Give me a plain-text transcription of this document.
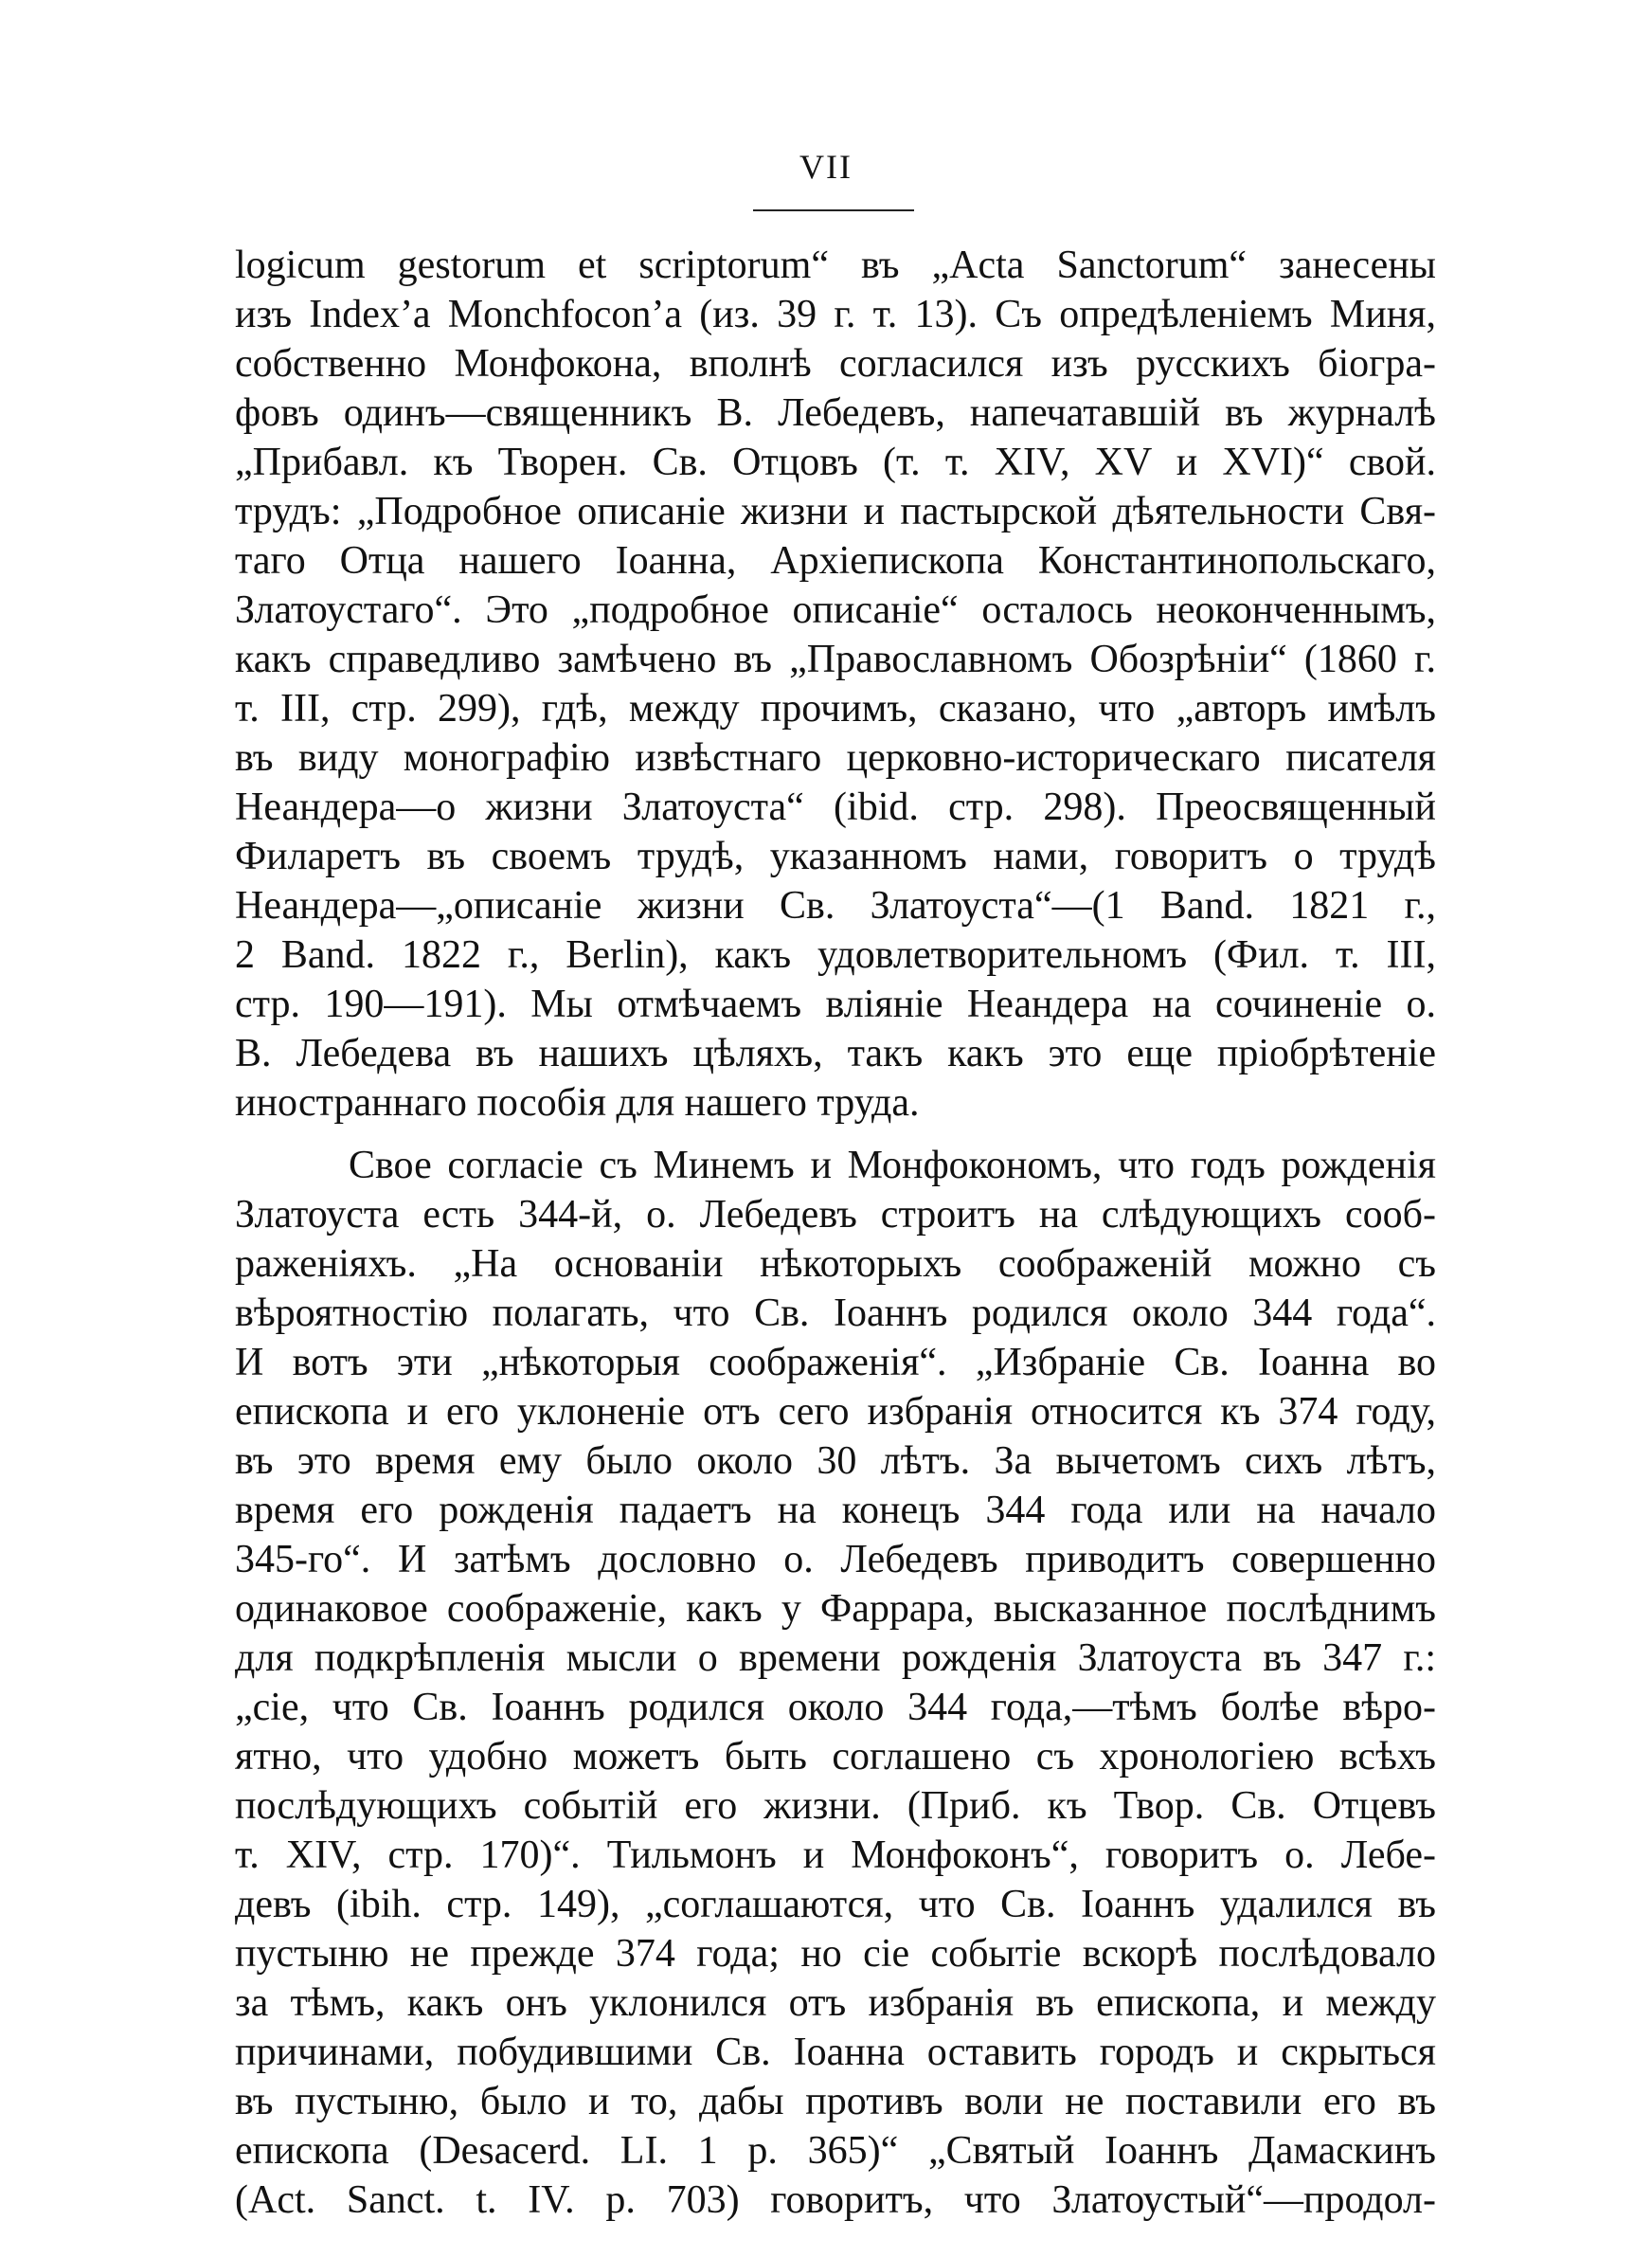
VII
logicum gestorum et scriptorum“ въ „Acta Sanctorum“ занесены
изъ Index’a Monchfocon’a (из. 39 г. т. 13). Съ опредѣленіемъ Миня,
собственно Монфокона, вполнѣ согласился изъ русскихъ біогра-
фовъ одинъ—священникъ В. Лебедевъ, напечатавшій въ журналѣ
„Прибавл. къ Творен. Св. Отцовъ (т. т. XIV, XV и XVI)“ свой.
трудъ: „Подробное описаніе жизни и пастырской дѣятельности Свя-
таго Отца нашего Іоанна, Архіепископа Константинопольскаго,
Златоустаго“. Это „подробное описаніе“ осталось неоконченнымъ,
какъ справедливо замѣчено въ „Православномъ Обозрѣніи“ (1860 г.
т. III, стр. 299), гдѣ, между прочимъ, сказано, что „авторъ имѣлъ
въ виду монографію извѣстнаго церковно-историческаго писателя
Неандера—о жизни Златоуста“ (ibid. стр. 298). Преосвященный
Филаретъ въ своемъ трудѣ, указанномъ нами, говоритъ о трудѣ
Неандера—„описаніе жизни Св. Златоуста“—(1 Band. 1821 г.,
2 Band. 1822 г., Berlin), какъ удовлетворительномъ (Фил. т. III,
стр. 190—191). Мы отмѣчаемъ вліяніе Неандера на сочиненіе о.
В. Лебедева въ нашихъ цѣляхъ, такъ какъ это еще пріобрѣтеніе
иностраннаго пособія для нашего труда.
Свое согласіе съ Минемъ и Монфокономъ, что годъ рожденія
Златоуста есть 344-й, о. Лебедевъ строитъ на слѣдующихъ сооб-
раженіяхъ. „На основаніи нѣкоторыхъ соображеній можно съ
вѣроятностію полагать, что Св. Іоаннъ родился около 344 года“.
И вотъ эти „нѣкоторыя соображенія“. „Избраніе Св. Іоанна во
епископа и его уклоненіе отъ сего избранія относится къ 374 году,
въ это время ему было около 30 лѣтъ. За вычетомъ сихъ лѣтъ,
время его рожденія падаетъ на конецъ 344 года или на начало
345-го“. И затѣмъ дословно о. Лебедевъ приводитъ совершенно
одинаковое соображеніе, какъ у Фаррара, высказанное послѣднимъ
для подкрѣпленія мысли о времени рожденія Златоуста въ 347 г.:
„сіе, что Св. Іоаннъ родился около 344 года,—тѣмъ болѣе вѣро-
ятно, что удобно можетъ быть соглашено съ хронологіею всѣхъ
послѣдующихъ событій его жизни. (Приб. къ Твор. Св. Отцевъ
т. XIV, стр. 170)“. Тильмонъ и Монфоконъ“, говоритъ о. Лебе-
девъ (ibih. стр. 149), „соглашаются, что Св. Іоаннъ удалился въ
пустыню не прежде 374 года; но сіе событіе вскорѣ послѣдовало
за тѣмъ, какъ онъ уклонился отъ избранія въ епископа, и между
причинами, побудившими Св. Іоанна оставить городъ и скрыться
въ пустыню, было и то, дабы противъ воли не поставили его въ
епископа (Desacerd. LI. 1 p. 365)“ „Святый Іоаннъ Дамаскинъ
(Act. Sanct. t. IV. p. 703) говоритъ, что Златоустый“—продол-
